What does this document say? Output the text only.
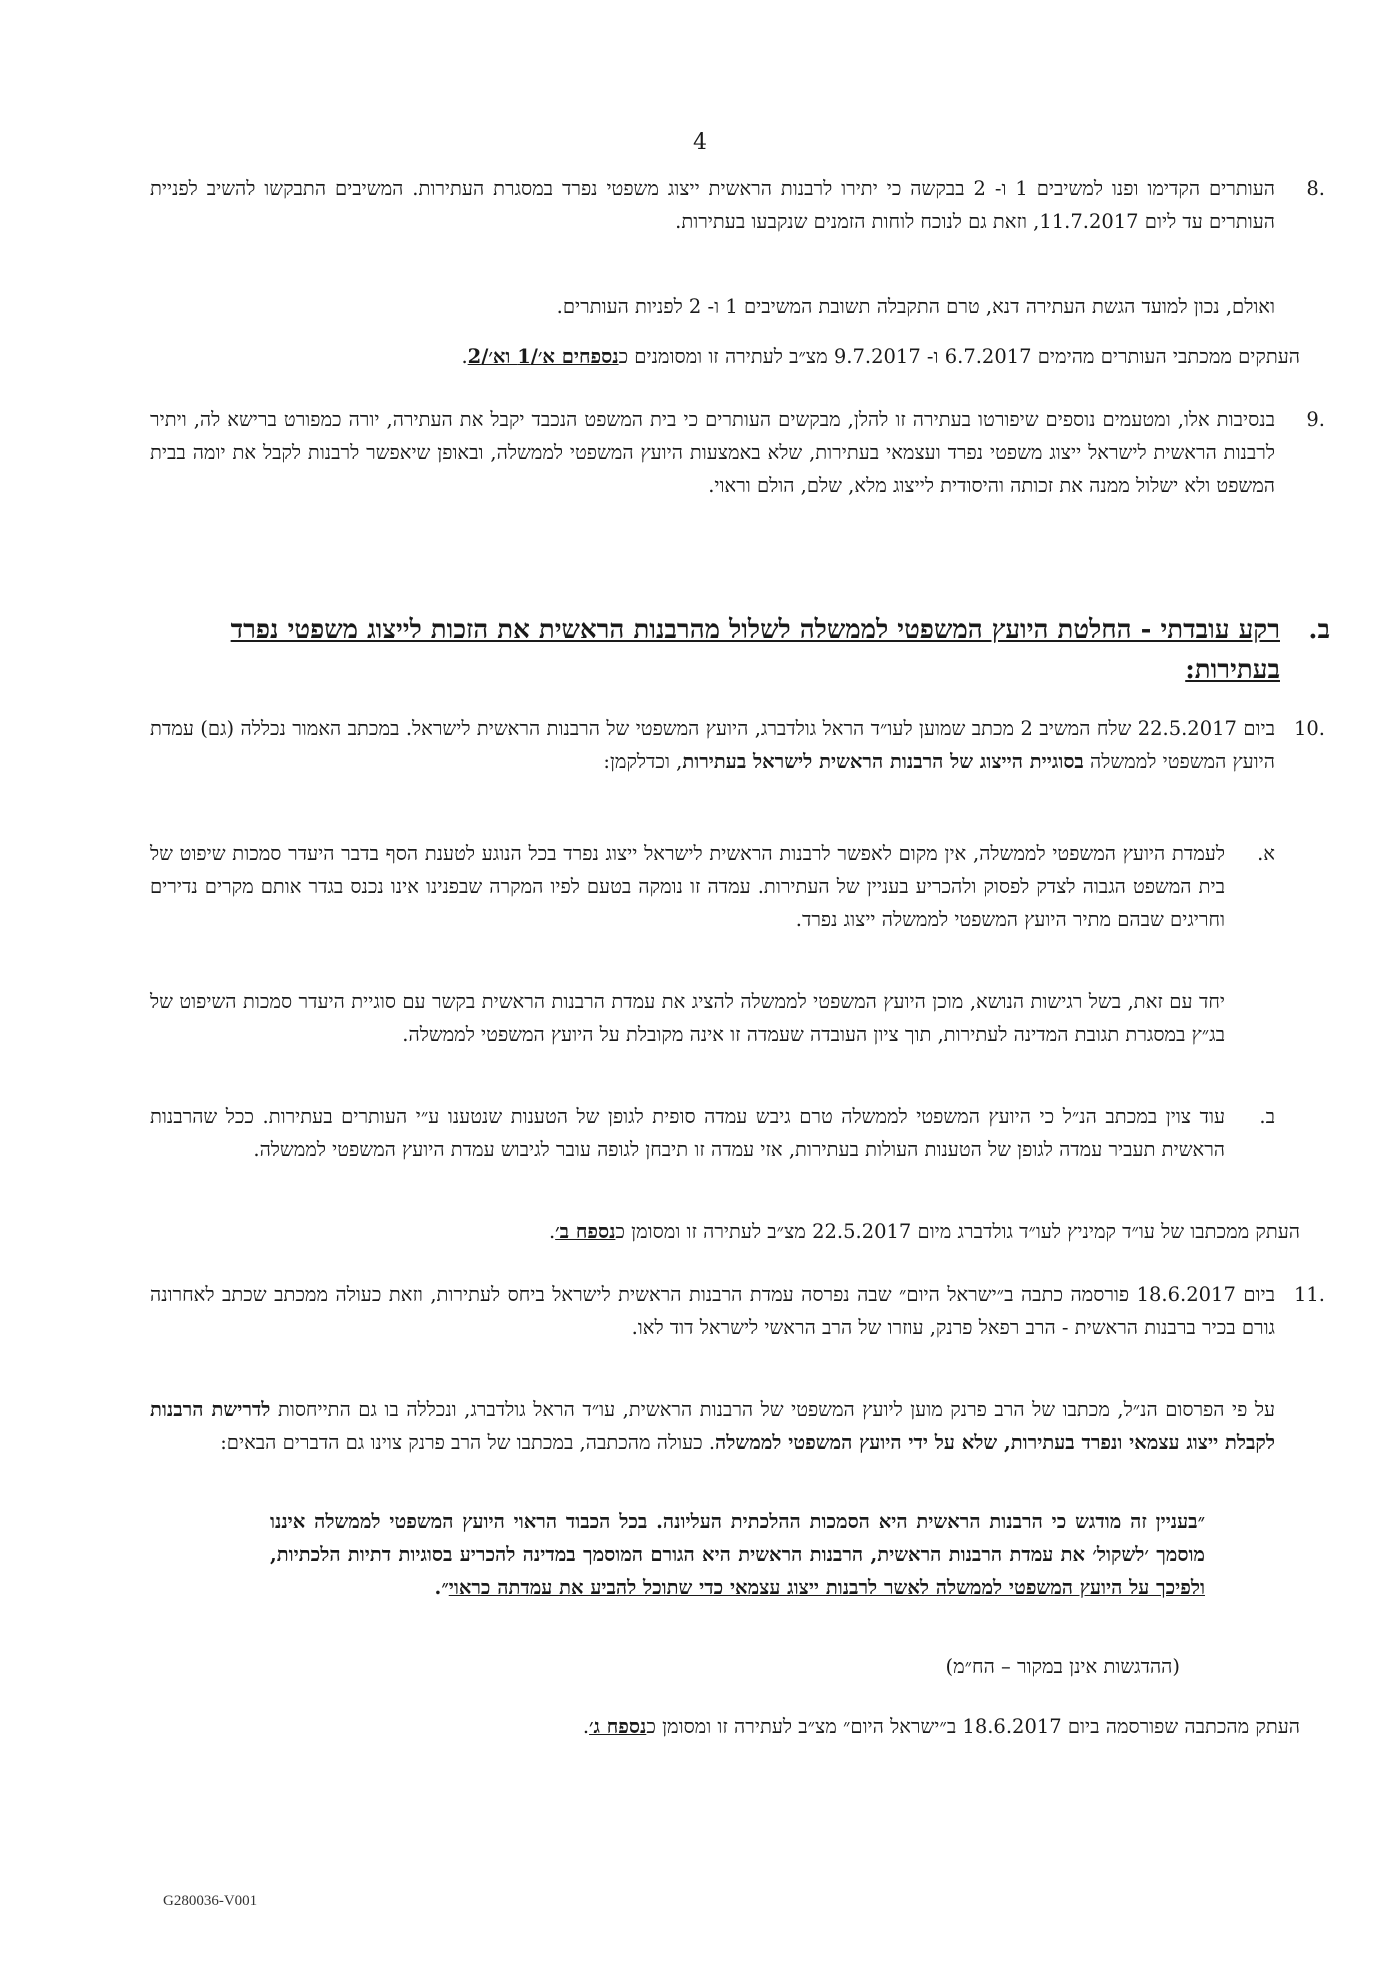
4
8.

העותרים הקדימו ופנו למשיבים 1 ו- 2 בבקשה כי יתירו לרבנות הראשית ייצוג משפטי נפרד במסגרת העתירות. המשיבים התבקשו להשיב לפניית העותרים עד ליום 11.7.2017, וזאת גם לנוכח לוחות הזמנים שנקבעו בעתירות.

ואולם, נכון למועד הגשת העתירה דנא, טרם התקבלה תשובת המשיבים 1 ו- 2 לפניות העותרים.

העתקים ממכתבי העותרים מהימים 6.7.2017 ו- 9.7.2017 מצ״ב לעתירה זו ומסומנים כנספחים א׳/1 וא׳/2.

9.

בנסיבות אלו, ומטעמים נוספים שיפורטו בעתירה זו להלן, מבקשים העותרים כי בית המשפט הנכבד יקבל את העתירה, יורה כמפורט ברישא לה, ויתיר לרבנות הראשית לישראל ייצוג משפטי נפרד ועצמאי בעתירות, שלא באמצעות היועץ המשפטי לממשלה, ובאופן שיאפשר לרבנות לקבל את יומה בבית המשפט ולא ישלול ממנה את זכותה והיסודית לייצוג מלא, שלם, הולם וראוי.

ב.
רקע עובדתי - החלטת היועץ המשפטי לממשלה לשלול מהרבנות הראשית את הזכות לייצוג משפטי נפרד בעתירות:
10.

ביום 22.5.2017 שלח המשיב 2 מכתב שמוען לעו״ד הראל גולדברג, היועץ המשפטי של הרבנות הראשית לישראל. במכתב האמור נכללה (גם) עמדת היועץ המשפטי לממשלה בסוגיית הייצוג של הרבנות הראשית לישראל בעתירות, וכדלקמן:

א.

לעמדת היועץ המשפטי לממשלה, אין מקום לאפשר לרבנות הראשית לישראל ייצוג נפרד בכל הנוגע לטענת הסף בדבר היעדר סמכות שיפוט של בית המשפט הגבוה לצדק לפסוק ולהכריע בעניין של העתירות. עמדה זו נומקה בטעם לפיו המקרה שבפנינו אינו נכנס בגדר אותם מקרים נדירים וחריגים שבהם מתיר היועץ המשפטי לממשלה ייצוג נפרד.

יחד עם זאת, בשל רגישות הנושא, מוכן היועץ המשפטי לממשלה להציג את עמדת הרבנות הראשית בקשר עם סוגיית היעדר סמכות השיפוט של בג״ץ במסגרת תגובת המדינה לעתירות, תוך ציון העובדה שעמדה זו אינה מקובלת על היועץ המשפטי לממשלה.

ב.

עוד צוין במכתב הנ״ל כי היועץ המשפטי לממשלה טרם גיבש עמדה סופית לגופן של הטענות שנטענו ע״י העותרים בעתירות. ככל שהרבנות הראשית תעביר עמדה לגופן של הטענות העולות בעתירות, אזי עמדה זו תיבחן לגופה עובר לגיבוש עמדת היועץ המשפטי לממשלה.

העתק ממכתבו של עו״ד קמיניץ לעו״ד גולדברג מיום 22.5.2017 מצ״ב לעתירה זו ומסומן כנספח ב׳.

11.

ביום 18.6.2017 פורסמה כתבה ב״ישראל היום״ שבה נפרסה עמדת הרבנות הראשית לישראל ביחס לעתירות, וזאת כעולה ממכתב שכתב לאחרונה גורם בכיר ברבנות הראשית - הרב רפאל פרנק, עוזרו של הרב הראשי לישראל דוד לאו.

על פי הפרסום הנ״ל, מכתבו של הרב פרנק מוען ליועץ המשפטי של הרבנות הראשית, עו״ד הראל גולדברג, ונכללה בו גם התייחסות לדרישת הרבנות לקבלת ייצוג עצמאי ונפרד בעתירות, שלא על ידי היועץ המשפטי לממשלה. כעולה מהכתבה, במכתבו של הרב פרנק צוינו גם הדברים הבאים:

״בעניין זה מודגש כי הרבנות הראשית היא הסמכות ההלכתית העליונה. בכל הכבוד הראוי היועץ המשפטי לממשלה איננו מוסמך ׳לשקול׳ את עמדת הרבנות הראשית, הרבנות הראשית היא הגורם המוסמך במדינה להכריע בסוגיות דתיות הלכתיות, ולפיכך על היועץ המשפטי לממשלה לאשר לרבנות ייצוג עצמאי כדי שתוכל להביע את עמדתה כראוי״.

(ההדגשות אינן במקור – הח״מ)

העתק מהכתבה שפורסמה ביום 18.6.2017 ב״ישראל היום״ מצ״ב לעתירה זו ומסומן כנספח ג׳.

G280036-V001
